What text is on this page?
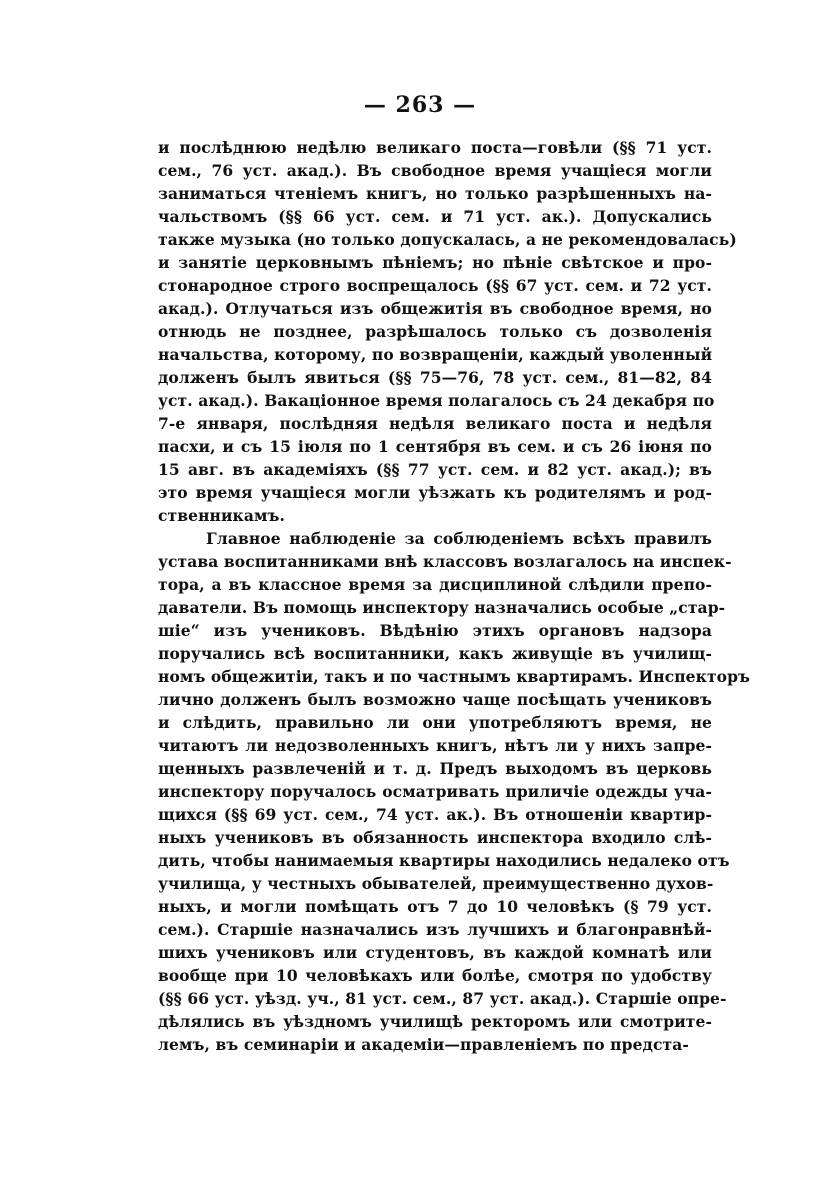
— 263 —
и послѣднюю недѣлю великаго поста—говѣли (§§ 71 уст.
сем., 76 уст. акад.). Въ свободное время учащіеся могли
заниматься чтеніемъ книгъ, но только разрѣшенныхъ на-
чальствомъ (§§ 66 уст. сем. и 71 уст. ак.). Допускались
также музыка (но только допускалась, а не рекомендовалась)
и занятіе церковнымъ пѣніемъ; но пѣніе свѣтское и про-
стонародное строго воспрещалось (§§ 67 уст. сем. и 72 уст.
акад.). Отлучаться изъ общежитія въ свободное время, но
отнюдь не позднее, разрѣшалось только съ дозволенія
начальства, которому, по возвращеніи, каждый уволенный
долженъ былъ явиться (§§ 75—76, 78 уст. сем., 81—82, 84
уст. акад.). Вакаціонное время полагалось съ 24 декабря по
7-е января, послѣдняя недѣля великаго поста и недѣля
пасхи, и съ 15 іюля по 1 сентября въ сем. и съ 26 іюня по
15 авг. въ академіяхъ (§§ 77 уст. сем. и 82 уст. акад.); въ
это время учащіеся могли уѣзжать къ родителямъ и род-
ственникамъ.
Главное наблюденіе за соблюденіемъ всѣхъ правилъ
устава воспитанниками внѣ классовъ возлагалось на инспек-
тора, а въ классное время за дисциплиной слѣдили препо-
даватели. Въ помощь инспектору назначались особые „стар-
шіе“ изъ учениковъ. Вѣдѣнію этихъ органовъ надзора
поручались всѣ воспитанники, какъ живущіе въ училищ-
номъ общежитіи, такъ и по частнымъ квартирамъ. Инспекторъ
лично долженъ былъ возможно чаще посѣщать учениковъ
и слѣдить, правильно ли они употребляютъ время, не
читаютъ ли недозволенныхъ книгъ, нѣтъ ли у нихъ запре-
щенныхъ развлеченій и т. д. Предъ выходомъ въ церковь
инспектору поручалось осматривать приличіе одежды уча-
щихся (§§ 69 уст. сем., 74 уст. ак.). Въ отношеніи квартир-
ныхъ учениковъ въ обязанность инспектора входило слѣ-
дить, чтобы нанимаемыя квартиры находились недалеко отъ
училища, у честныхъ обывателей, преимущественно духов-
ныхъ, и могли помѣщать отъ 7 до 10 человѣкъ (§ 79 уст.
сем.). Старшіе назначались изъ лучшихъ и благонравнѣй-
шихъ учениковъ или студентовъ, въ каждой комнатѣ или
вообще при 10 человѣкахъ или болѣе, смотря по удобству
(§§ 66 уст. уѣзд. уч., 81 уст. сем., 87 уст. акад.). Старшіе опре-
дѣлялись въ уѣздномъ училищѣ ректоромъ или смотрите-
лемъ, въ семинаріи и академіи—правленіемъ по предста-
